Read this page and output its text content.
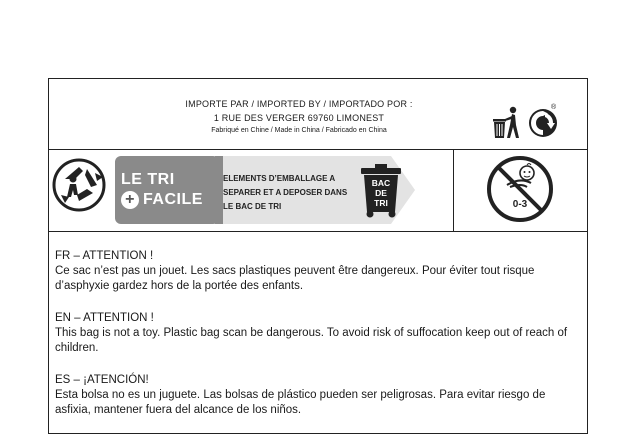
IMPORTE PAR / IMPORTED BY / IMPORTADO POR :
1 RUE DES VERGER 69760 LIMONEST
Fabriqué en Chine / Made in China / Fabricado en China
®
LE TRI
+ FACILE
ELEMENTS D’EMBALLAGE A
SEPARER ET A DEPOSER DANS
LE BAC DE TRI
BAC
DE
TRI	0-3
FR – ATTENTION !
Ce sac n’est pas un jouet. Les sacs plastiques peuvent être dangereux. Pour éviter tout risque d’asphyxie gardez hors de la portée des enfants.
EN – ATTENTION !
This bag is not a toy. Plastic bag scan be dangerous. To avoid risk of suffocation keep out of reach of children.
ES – ¡ATENCIÓN!
Esta bolsa no es un juguete. Las bolsas de plástico pueden ser peligrosas. Para evitar riesgo de asfixia, mantener fuera del alcance de los niños.
